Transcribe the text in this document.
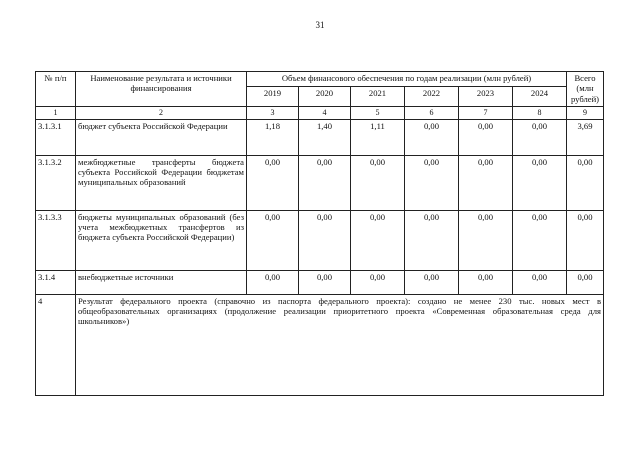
31
№ п/п	Наименование результата и источники финансирования	Объем финансового обеспечения по годам реализации (млн рублей)						Всего (млн рублей)
		2019	2020	2021	2022	2023	2024	
1	2	3	4	5	6	7	8	9
3.1.3.1	бюджет субъекта Российской Федерации	1,18	1,40	1,11	0,00	0,00	0,00	3,69
3.1.3.2	межбюджетные трансферты бюджета субъекта Российской Федерации бюджетам муниципальных образований	0,00	0,00	0,00	0,00	0,00	0,00	0,00
3.1.3.3	бюджеты муниципальных образований (без учета межбюджетных трансфертов из бюджета субъекта Российской Федерации)	0,00	0,00	0,00	0,00	0,00	0,00	0,00
3.1.4	внебюджетные источники	0,00	0,00	0,00	0,00	0,00	0,00	0,00
4	Результат федерального проекта (справочно из паспорта федерального проекта): создано не менее 230 тыс. новых мест в общеобразовательных организациях (продолжение реализации приоритетного проекта «Современная образовательная среда для школьников»)							
